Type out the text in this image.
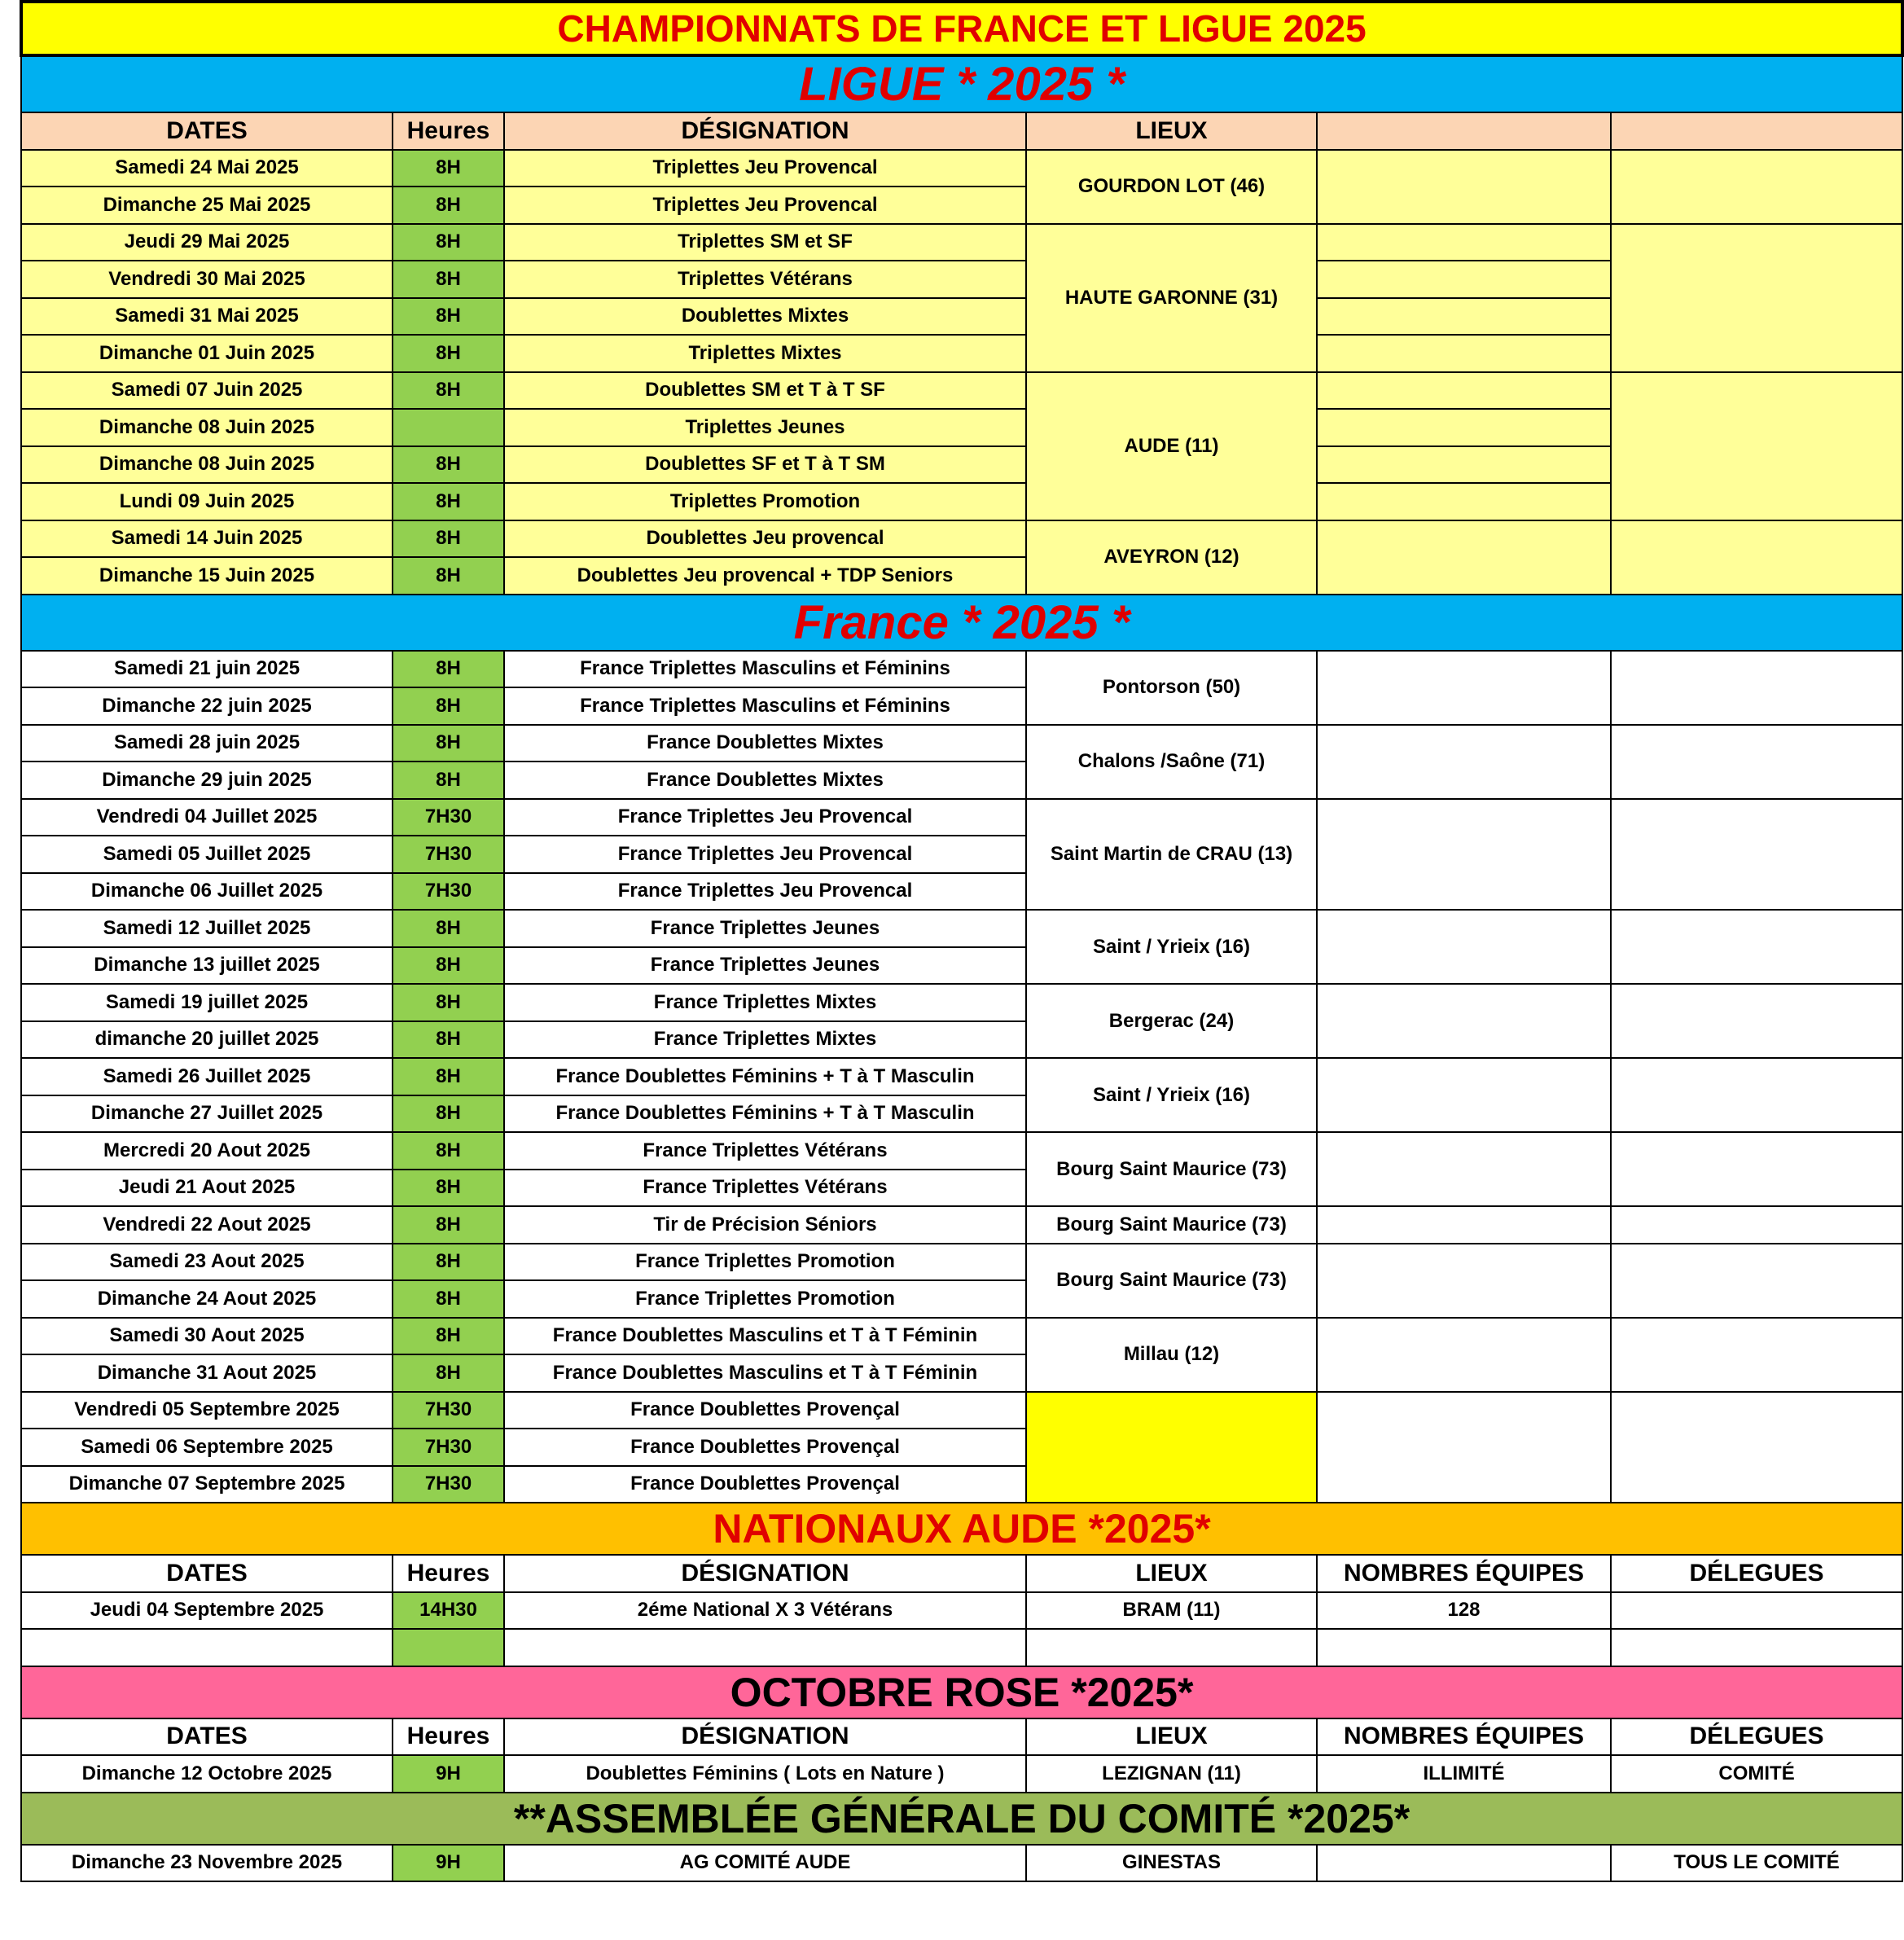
CHAMPIONNATS DE FRANCE ET LIGUE 2025					
LIGUE * 2025 *					
DATES	Heures	DÉSIGNATION	LIEUX		
Samedi 24 Mai 2025	8H	Triplettes Jeu Provencal	GOURDON LOT (46)		
Dimanche 25 Mai 2025	8H	Triplettes Jeu Provencal			
Jeudi 29 Mai 2025	8H	Triplettes SM et SF	HAUTE GARONNE (31)		
Vendredi 30 Mai 2025	8H	Triplettes Vétérans			
Samedi 31 Mai 2025	8H	Doublettes Mixtes			
Dimanche 01 Juin 2025	8H	Triplettes Mixtes			
Samedi 07 Juin 2025	8H	Doublettes SM et T à T SF	AUDE (11)		
Dimanche 08 Juin 2025		Triplettes Jeunes			
Dimanche 08 Juin 2025	8H	Doublettes SF et T à T SM			
Lundi 09 Juin 2025	8H	Triplettes Promotion			
Samedi 14 Juin 2025	8H	Doublettes Jeu provencal	AVEYRON (12)		
Dimanche 15 Juin 2025	8H	Doublettes Jeu provencal + TDP Seniors			
France * 2025 *					
Samedi 21 juin 2025	8H	France Triplettes Masculins et Féminins	Pontorson (50)		
Dimanche 22 juin 2025	8H	France Triplettes Masculins et Féminins			
Samedi 28 juin 2025	8H	France Doublettes Mixtes	Chalons /Saône (71)		
Dimanche 29 juin 2025	8H	France Doublettes Mixtes			
Vendredi 04 Juillet 2025	7H30	France Triplettes Jeu Provencal	Saint Martin de CRAU (13)		
Samedi 05 Juillet 2025	7H30	France Triplettes Jeu Provencal			
Dimanche 06 Juillet 2025	7H30	France Triplettes Jeu Provencal			
Samedi 12 Juillet 2025	8H	France Triplettes Jeunes	Saint / Yrieix (16)		
Dimanche 13 juillet 2025	8H	France Triplettes Jeunes			
Samedi 19 juillet 2025	8H	France Triplettes Mixtes	Bergerac (24)		
dimanche 20 juillet 2025	8H	France Triplettes Mixtes			
Samedi 26 Juillet 2025	8H	France Doublettes Féminins + T à T Masculin	Saint / Yrieix (16)		
Dimanche 27 Juillet 2025	8H	France Doublettes Féminins + T à T Masculin			
Mercredi 20 Aout 2025	8H	France Triplettes Vétérans	Bourg Saint Maurice (73)		
Jeudi 21 Aout 2025	8H	France Triplettes Vétérans			
Vendredi 22 Aout 2025	8H	Tir de Précision Séniors	Bourg Saint Maurice (73)		
Samedi 23 Aout 2025	8H	France Triplettes Promotion	Bourg Saint Maurice (73)		
Dimanche 24 Aout 2025	8H	France Triplettes Promotion			
Samedi 30 Aout 2025	8H	France Doublettes Masculins et T à T Féminin	Millau (12)		
Dimanche 31 Aout 2025	8H	France Doublettes Masculins et T à T Féminin			
Vendredi 05 Septembre 2025	7H30	France Doublettes Provençal			
Samedi 06 Septembre 2025	7H30	France Doublettes Provençal			
Dimanche 07 Septembre 2025	7H30	France Doublettes Provençal			
NATIONAUX AUDE *2025*					
DATES	Heures	DÉSIGNATION	LIEUX	NOMBRES ÉQUIPES	DÉLEGUES
Jeudi 04 Septembre 2025	14H30	2éme National X 3 Vétérans	BRAM (11)	128	

OCTOBRE ROSE *2025*					
DATES	Heures	DÉSIGNATION	LIEUX	NOMBRES ÉQUIPES	DÉLEGUES
Dimanche 12 Octobre 2025	9H	Doublettes Féminins ( Lots en Nature )	LEZIGNAN (11)	ILLIMITÉ	COMITÉ
**ASSEMBLÉE GÉNÉRALE DU COMITÉ *2025*					
Dimanche 23 Novembre 2025	9H	AG COMITÉ AUDE	GINESTAS		TOUS LE COMITÉ
